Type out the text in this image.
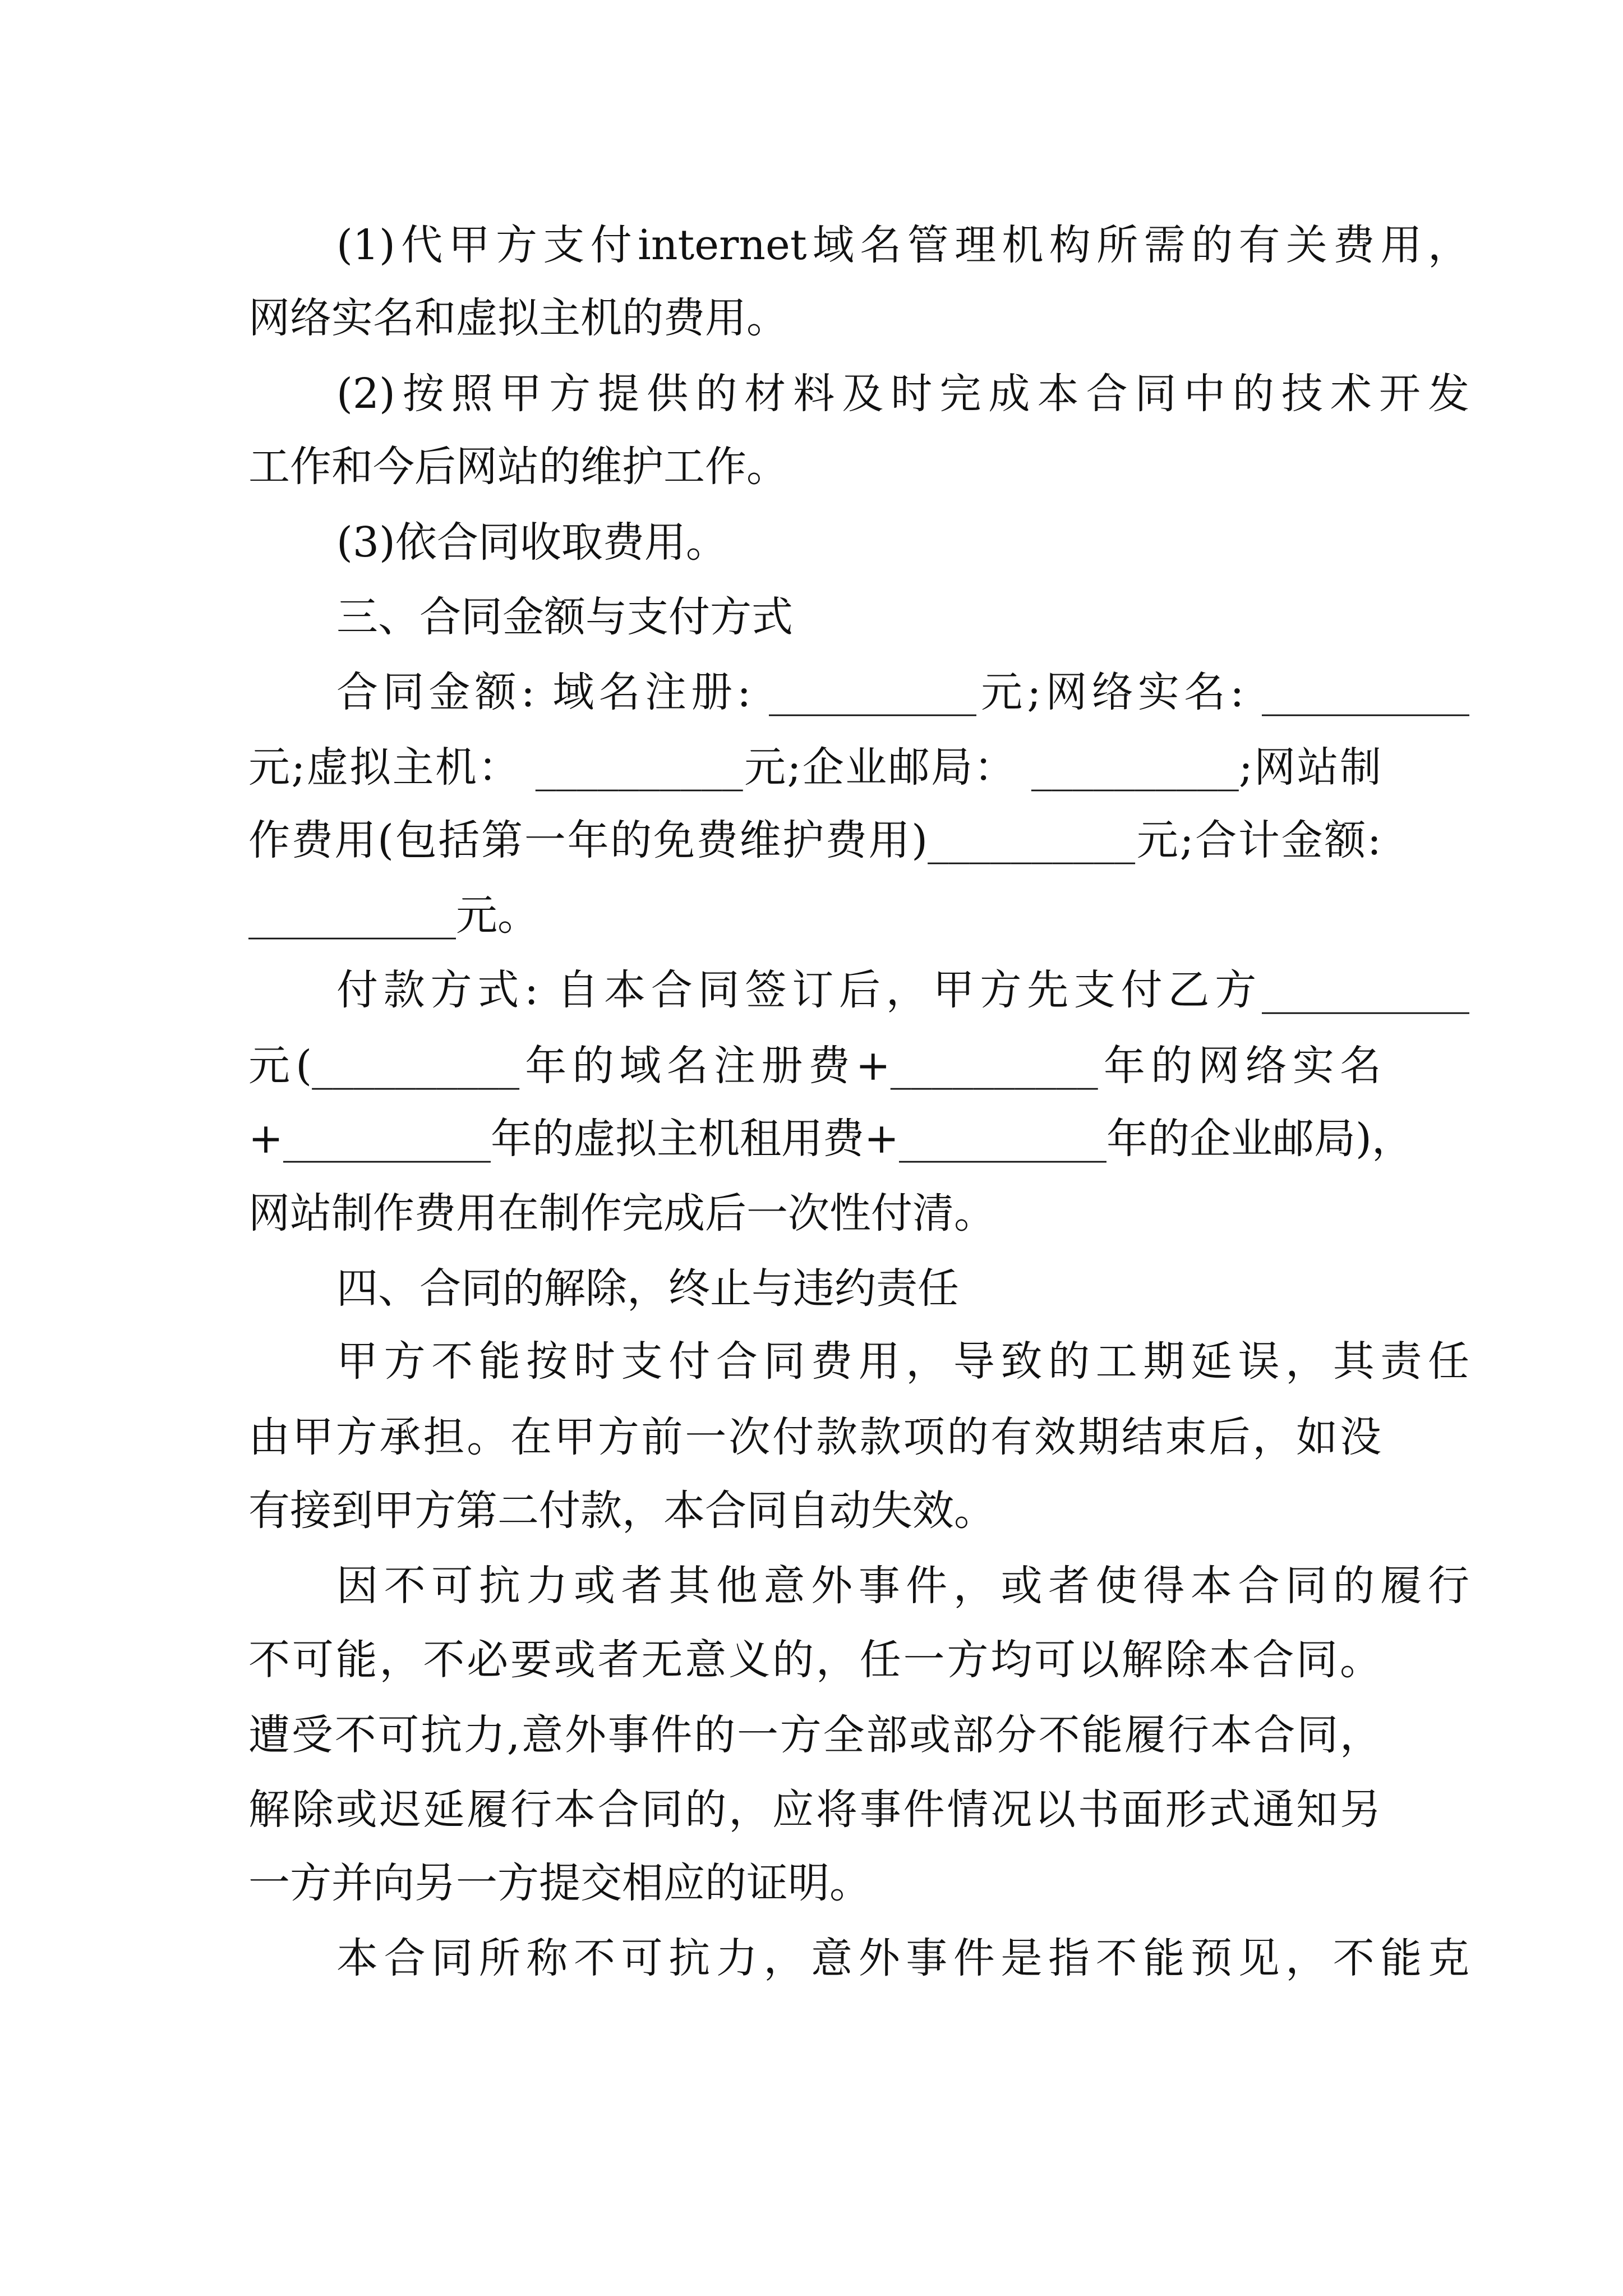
(1)代甲方支付internet域名管理机构所需的有关费用，
网络实名和虚拟主机的费用。
(2)按照甲方提供的材料及时完成本合同中的技术开发
工作和今后网站的维护工作。
(3)依合同收取费用。
三、合同金额与支付方式
合同金额: 域名注册: __________元;网络实名: __________
元;虚拟主机： __________元;企业邮局： __________;网站制
作费用(包括第一年的免费维护费用)__________元;合计金额:
__________元。
付款方式: 自本合同签订后，甲方先支付乙方__________
元(__________年的域名注册费+__________年的网络实名
+__________年的虚拟主机租用费+__________年的企业邮局)，
网站制作费用在制作完成后一次性付清。
四、合同的解除，终止与违约责任
甲方不能按时支付合同费用，导致的工期延误，其责任
由甲方承担。在甲方前一次付款款项的有效期结束后，如没
有接到甲方第二付款，本合同自动失效。
因不可抗力或者其他意外事件，或者使得本合同的履行
不可能，不必要或者无意义的，任一方均可以解除本合同。
遭受不可抗力,意外事件的一方全部或部分不能履行本合同，
解除或迟延履行本合同的，应将事件情况以书面形式通知另
一方并向另一方提交相应的证明。
本合同所称不可抗力，意外事件是指不能预见，不能克
